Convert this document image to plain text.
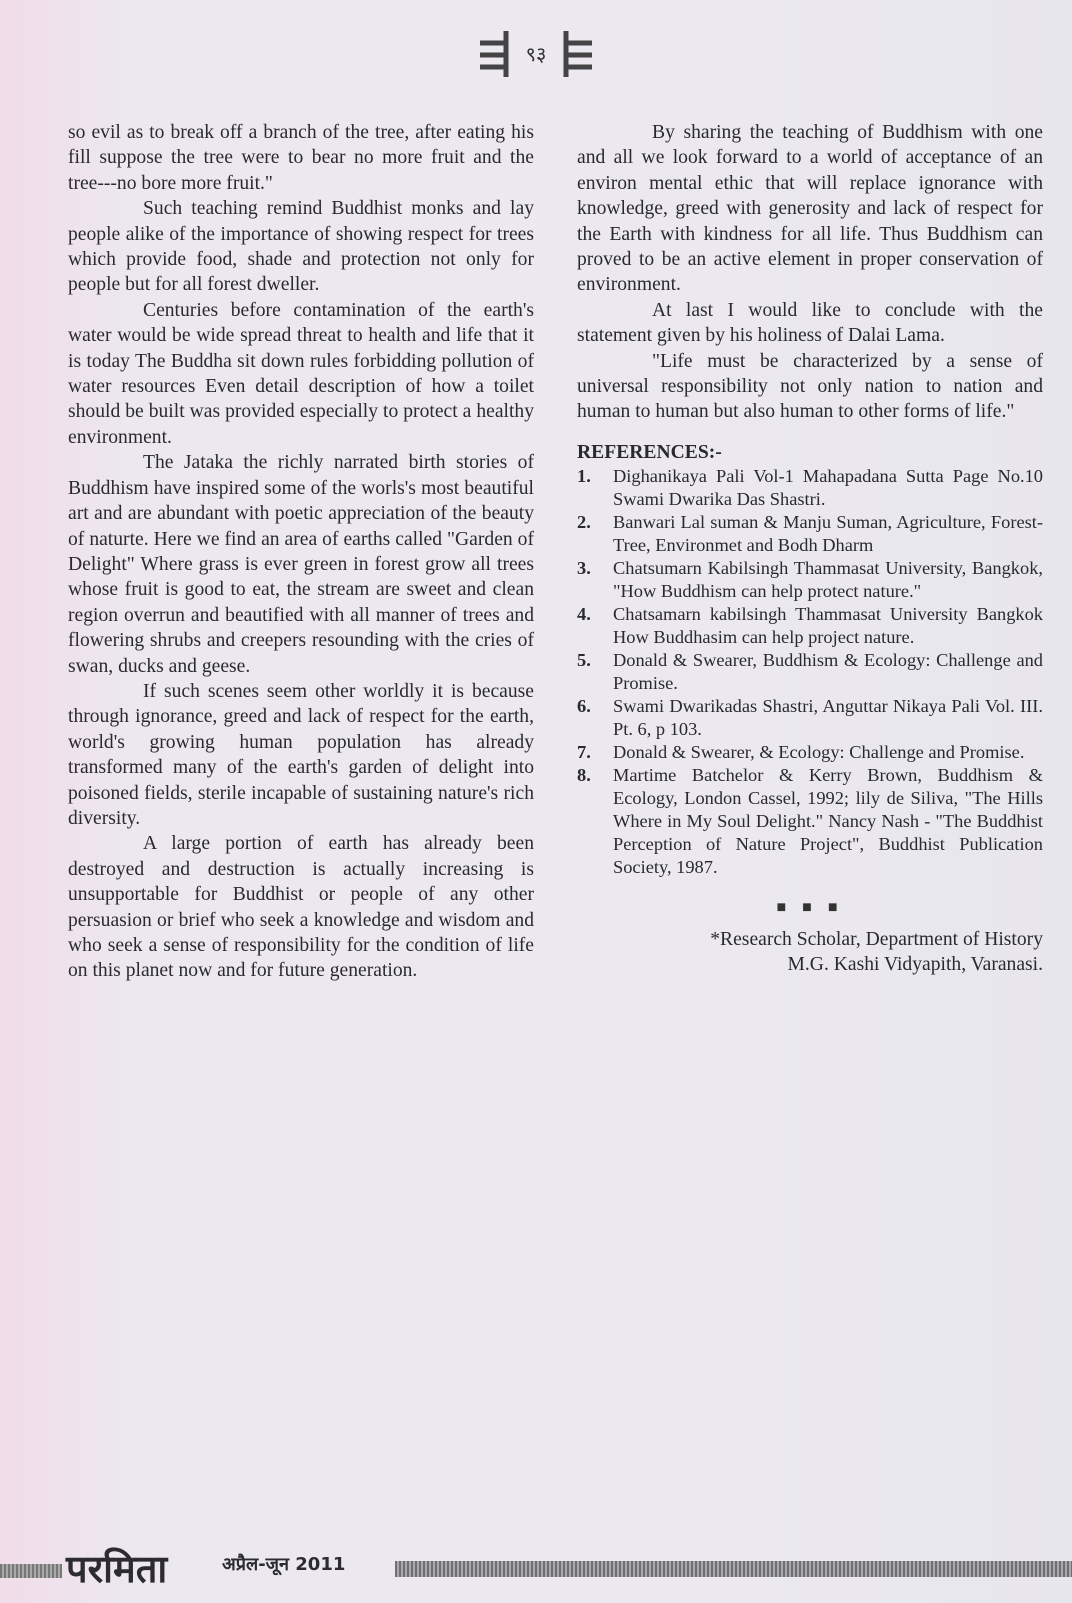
९३

so evil as to break off a branch of the tree, after eating his fill suppose the tree were to bear no more fruit and the tree---no bore more fruit."

Such teaching remind Buddhist monks and lay people alike of the importance of showing respect for trees which provide food, shade and protection not only for people but for all forest dweller.

Centuries before contamination of the earth's water would be wide spread threat to health and life that it is today The Buddha sit down rules forbidding pollution of water resources Even detail description of how a toilet should be built was provided especially to protect a healthy environment.

The Jataka the richly narrated birth stories of Buddhism have inspired some of the worls's most beautiful art and are abundant with poetic appreciation of the beauty of naturte. Here we find an area of earths called "Garden of Delight" Where grass is ever green in forest grow all trees whose fruit is good to eat, the stream are sweet and clean region overrun and beautified with all manner of trees and flowering shrubs and creepers resounding with the cries of swan, ducks and geese.

If such scenes seem other worldly it is because through ignorance, greed and lack of respect for the earth, world's growing human population has already transformed many of the earth's garden of delight into poisoned fields, sterile incapable of sustaining nature's rich diversity.

A large portion of earth has already been destroyed and destruction is actually increasing is unsupportable for Buddhist or people of any other persuasion or brief who seek a knowledge and wisdom and who seek a sense of responsibility for the condition of life on this planet now and for future generation.

By sharing the teaching of Buddhism with one and all we look forward to a world of acceptance of an environ mental ethic that will replace ignorance with knowledge, greed with generosity and lack of respect for the Earth with kindness for all life. Thus Buddhism can proved to be an active element in proper conservation of environment.

At last I would like to conclude with the statement given by his holiness of Dalai Lama.

"Life must be characterized by a sense of universal responsibility not only nation to nation and human to human but also human to other forms of life."

REFERENCES:-

1.	Dighanikaya Pali Vol-1 Mahapadana Sutta Page No.10 Swami Dwarika Das Shastri.
2.	Banwari Lal suman & Manju Suman, Agriculture, Forest-Tree, Environmet and Bodh Dharm
3.	Chatsumarn Kabilsingh Thammasat University, Bangkok, "How Buddhism can help protect nature."
4.	Chatsamarn kabilsingh Thammasat University Bangkok How Buddhasim can help project nature.
5.	Donald & Swearer, Buddhism & Ecology: Challenge and Promise.
6.	Swami Dwarikadas Shastri, Anguttar Nikaya Pali Vol. III. Pt. 6, p 103.
7.	Donald & Swearer, & Ecology: Challenge and Promise.
8.	Martime Batchelor & Kerry Brown, Buddhism & Ecology, London Cassel, 1992; lily de Siliva, "The Hills Where in My Soul Delight." Nancy Nash - "The Buddhist Perception of Nature Project", Buddhist Publication Society, 1987.
■ ■ ■
*Research Scholar, Department of History
M.G. Kashi Vidyapith, Varanasi.
परमिता	अप्रैल-जून 2011
